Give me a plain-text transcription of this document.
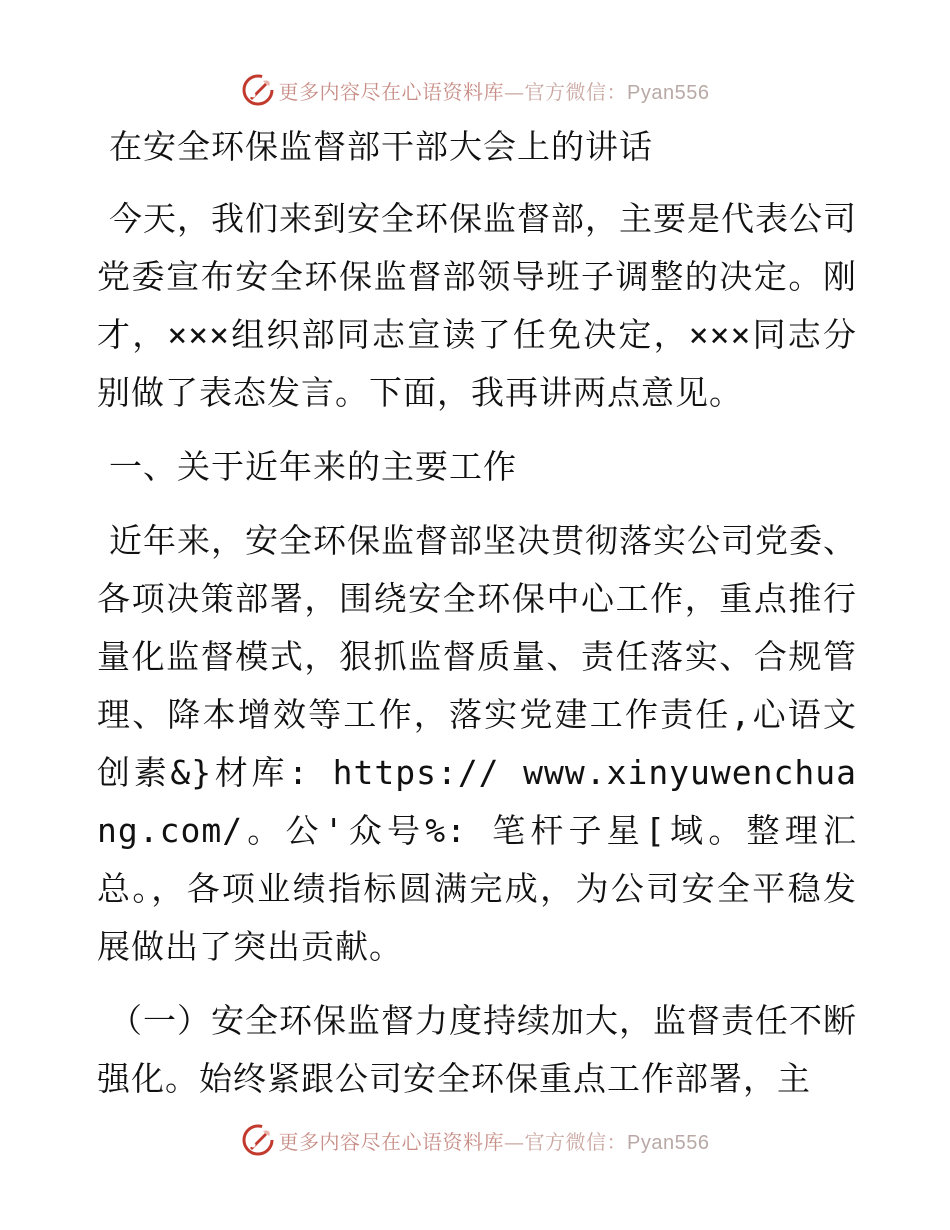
更多内容尽在心语资料库—官方微信：Pyan556

在安全环保监督部干部大会上的讲话

今天，我们来到安全环保监督部，主要是代表公司党委宣布安全环保监督部领导班子调整的决定。刚才，×××组织部同志宣读了任免决定，×××同志分别做了表态发言。下面，我再讲两点意见。

一、关于近年来的主要工作

近年来，安全环保监督部坚决贯彻落实公司党委、各项决策部署，围绕安全环保中心工作，重点推行量化监督模式，狠抓监督质量、责任落实、合规管理、降本增效等工作，落实党建工作责任,心语文创素&}材库: https:// www.xinyuwenchuang.com/。公'众号%: 笔杆子星[域。整理汇总。，各项业绩指标圆满完成，为公司安全平稳发展做出了突出贡献。

（一）安全环保监督力度持续加大，监督责任不断强化。始终紧跟公司安全环保重点工作部署，主

更多内容尽在心语资料库—官方微信：Pyan556
